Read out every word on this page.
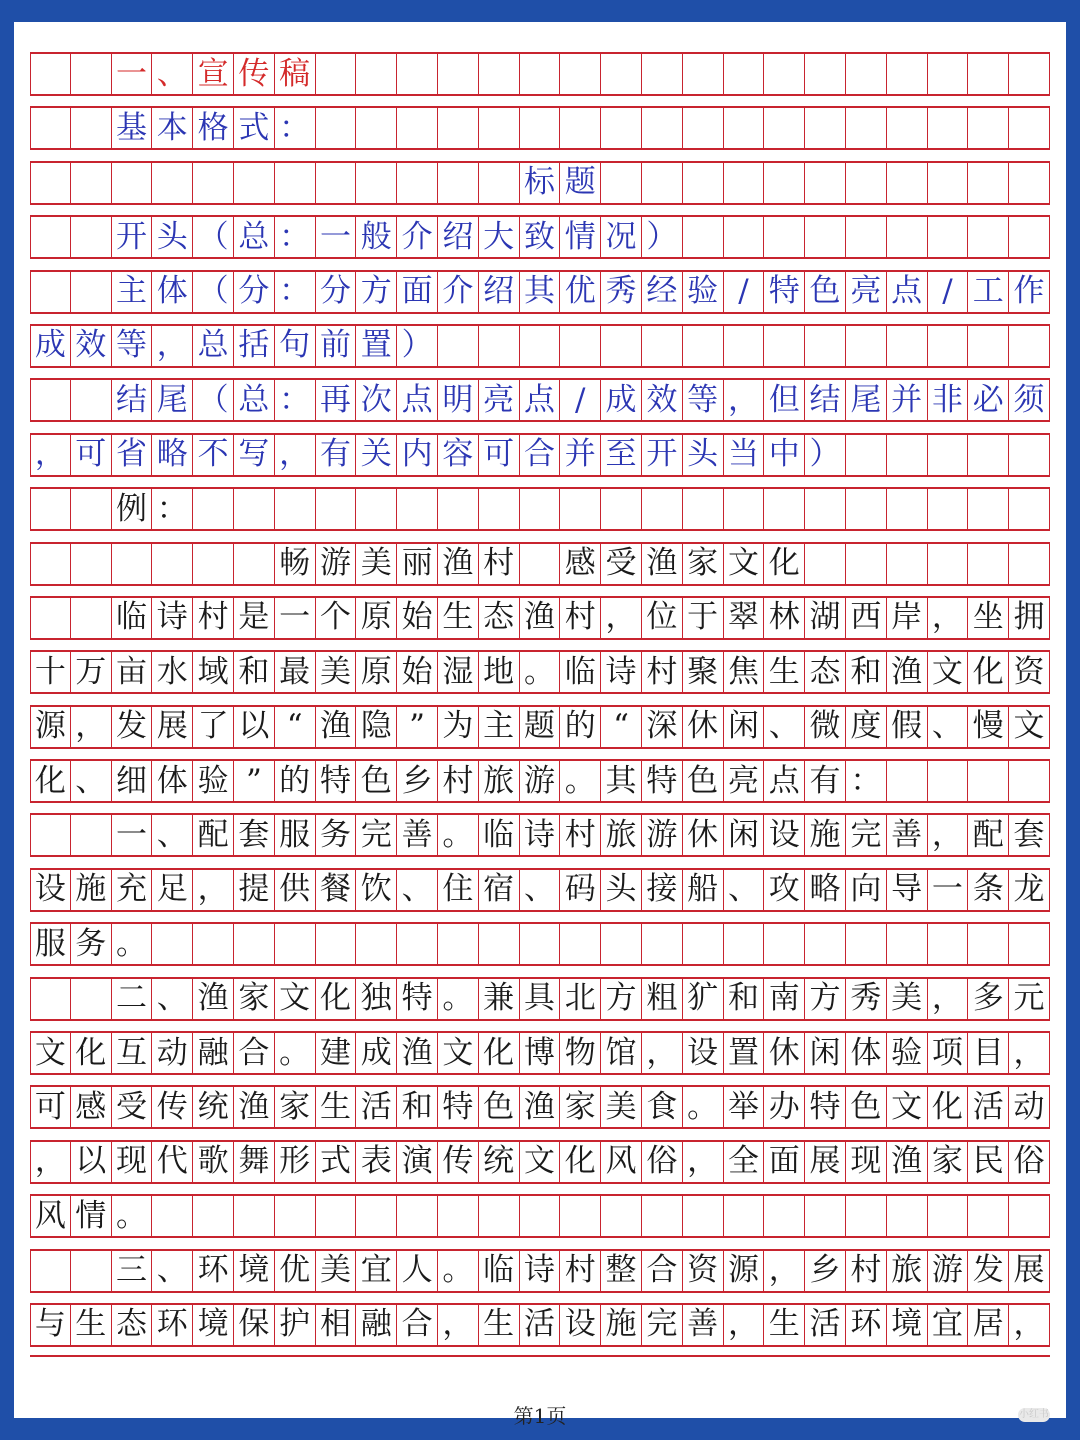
一 、 宣 传 稿
基 本 格 式 ：
标 题
开 头 （ 总 ： 一 般 介 绍 大 致 情 况 ）
主 体 （ 分 ： 分 方 面 介 绍 其 优 秀 经 验 / 特 色 亮 点 / 工 作
成 效 等 ， 总 括 句 前 置 ）
结 尾 （ 总 ： 再 次 点 明 亮 点 / 成 效 等 ， 但 结 尾 并 非 必 须
， 可 省 略 不 写 ， 有 关 内 容 可 合 并 至 开 头 当 中 ）
例 ：
畅 游 美 丽 渔 村 感 受 渔 家 文 化
临 诗 村 是 一 个 原 始 生 态 渔 村 ， 位 于 翠 林 湖 西 岸 ， 坐 拥
十 万 亩 水 域 和 最 美 原 始 湿 地 。 临 诗 村 聚 焦 生 态 和 渔 文 化 资
源 ， 发 展 了 以 “ 渔 隐 ” 为 主 题 的 “ 深 休 闲 、 微 度 假 、 慢 文
化 、 细 体 验 ” 的 特 色 乡 村 旅 游 。 其 特 色 亮 点 有 ：
一 、 配 套 服 务 完 善 。 临 诗 村 旅 游 休 闲 设 施 完 善 ， 配 套
设 施 充 足 ， 提 供 餐 饮 、 住 宿 、 码 头 接 船 、 攻 略 向 导 一 条 龙
服 务 。
二 、 渔 家 文 化 独 特 。 兼 具 北 方 粗 犷 和 南 方 秀 美 ， 多 元
文 化 互 动 融 合 。 建 成 渔 文 化 博 物 馆 ， 设 置 休 闲 体 验 项 目 ，
可 感 受 传 统 渔 家 生 活 和 特 色 渔 家 美 食 。 举 办 特 色 文 化 活 动
， 以 现 代 歌 舞 形 式 表 演 传 统 文 化 风 俗 ， 全 面 展 现 渔 家 民 俗
风 情 。
三 、 环 境 优 美 宜 人 。 临 诗 村 整 合 资 源 ， 乡 村 旅 游 发 展
与 生 态 环 境 保 护 相 融 合 ， 生 活 设 施 完 善 ， 生 活 环 境 宜 居 ，
第1页	小红书
